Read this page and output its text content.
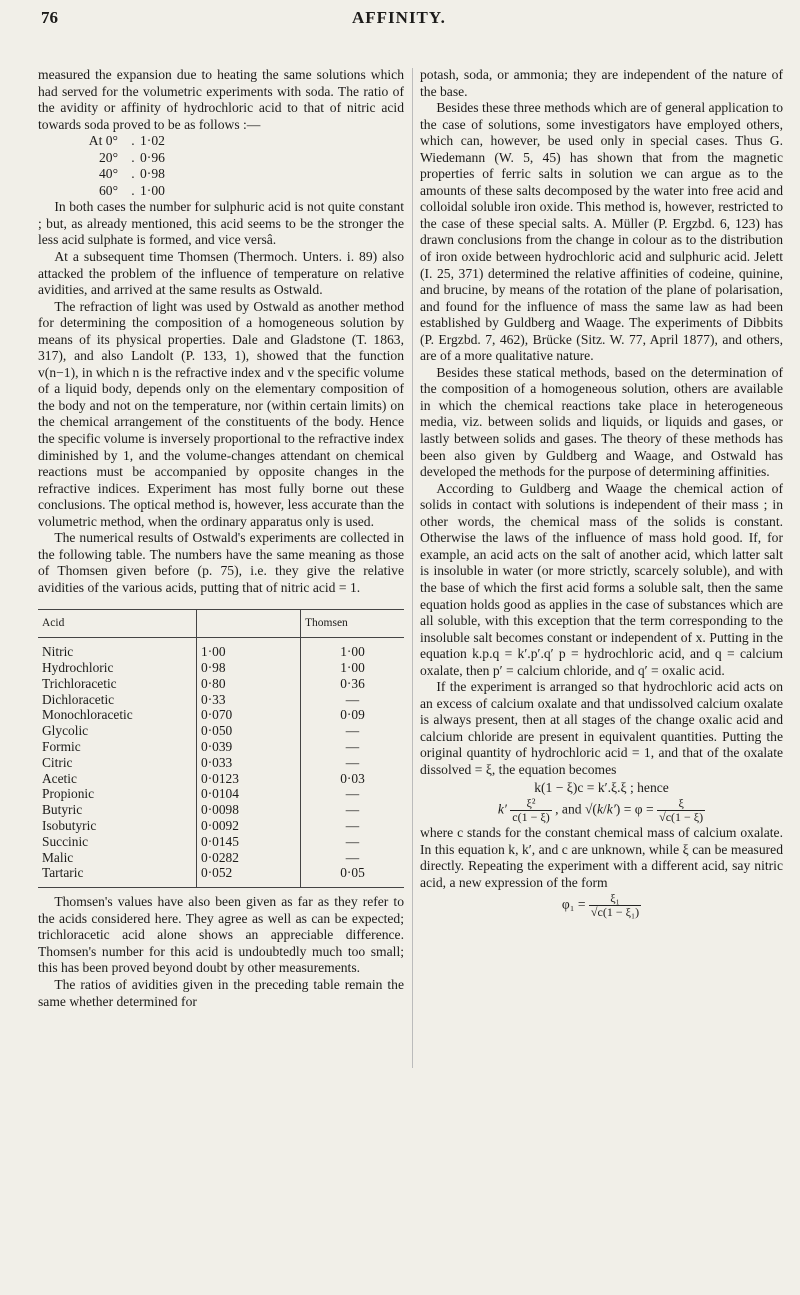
76	AFFINITY.

measured the expansion due to heating the same solutions which had served for the volumetric experiments with soda. The ratio of the avidity or affinity of hydrochloric acid to that of nitric acid towards soda proved to be as follows :—

At 0° . 1·02
20° . 0·96
40° . 0·98
60° . 1·00

In both cases the number for sulphuric acid is not quite constant ; but, as already mentioned, this acid seems to be the stronger the less acid sulphate is formed, and vice versâ.

At a subsequent time Thomsen (Thermoch. Unters. i. 89) also attacked the problem of the influence of temperature on relative avidities, and arrived at the same results as Ostwald.

The refraction of light was used by Ostwald as another method for determining the composition of a homogeneous solution by means of its physical properties. Dale and Gladstone (T. 1863, 317), and also Landolt (P. 133, 1), showed that the function v(n−1), in which n is the refractive index and v the specific volume of a liquid body, depends only on the elementary composition of the body and not on the temperature, nor (within certain limits) on the chemical arrangement of the constituents of the body. Hence the specific volume is inversely proportional to the refractive index diminished by 1, and the volume-changes attendant on chemical reactions must be accompanied by opposite changes in the refractive indices. Experiment has most fully borne out these conclusions. The optical method is, however, less accurate than the volumetric method, when the ordinary apparatus only is used.

The numerical results of Ostwald's experiments are collected in the following table. The numbers have the same meaning as those of Thomsen given before (p. 75), i.e. they give the relative avidities of the various acids, putting that of nitric acid = 1.

Acid		Thomsen
Nitric	1·00	1·00
Hydrochloric	0·98	1·00
Trichloracetic	0·80	0·36
Dichloracetic	0·33	—
Monochloracetic	0·070	0·09
Glycolic	0·050	—
Formic	0·039	—
Citric	0·033	—
Acetic	0·0123	0·03
Propionic	0·0104	—
Butyric	0·0098	—
Isobutyric	0·0092	—
Succinic	0·0145	—
Malic	0·0282	—
Tartaric	0·052	0·05

Thomsen's values have also been given as far as they refer to the acids considered here. They agree as well as can be expected; trichloracetic acid alone shows an appreciable difference. Thomsen's number for this acid is undoubtedly much too small; this has been proved beyond doubt by other measurements.

The ratios of avidities given in the preceding table remain the same whether determined for

potash, soda, or ammonia; they are independent of the nature of the base.

Besides these three methods which are of general application to the case of solutions, some investigators have employed others, which can, however, be used only in special cases. Thus G. Wiedemann (W. 5, 45) has shown that from the magnetic properties of ferric salts in solution we can argue as to the amounts of these salts decomposed by the water into free acid and colloidal soluble iron oxide. This method is, however, restricted to the case of these special salts. A. Müller (P. Ergzbd. 6, 123) has drawn conclusions from the change in colour as to the distribution of iron oxide between hydrochloric acid and sulphuric acid. Jelett (I. 25, 371) determined the relative affinities of codeine, quinine, and brucine, by means of the rotation of the plane of polarisation, and found for the influence of mass the same law as had been established by Guldberg and Waage. The experiments of Dibbits (P. Ergzbd. 7, 462), Brücke (Sitz. W. 77, April 1877), and others, are of a more qualitative nature.

Besides these statical methods, based on the determination of the composition of a homogeneous solution, others are available in which the chemical reactions take place in heterogeneous media, viz. between solids and liquids, or liquids and gases, or lastly between solids and gases. The theory of these methods has been also given by Guldberg and Waage, and Ostwald has developed the methods for the purpose of determining affinities.

According to Guldberg and Waage the chemical action of solids in contact with solutions is independent of their mass ; in other words, the chemical mass of the solids is constant. Otherwise the laws of the influence of mass hold good. If, for example, an acid acts on the salt of another acid, which latter salt is insoluble in water (or more strictly, scarcely soluble), and with the base of which the first acid forms a soluble salt, then the same equation holds good as applies in the case of substances which are all soluble, with this exception that the term corresponding to the insoluble salt becomes constant or independent of x. Putting in the equation k.p.q = k′.p′.q′ p = hydrochloric acid, and q = calcium oxalate, then p′ = calcium chloride, and q′ = oxalic acid.

If the experiment is arranged so that hydrochloric acid acts on an excess of calcium oxalate and that undissolved calcium oxalate is always present, then at all stages of the change oxalic acid and calcium chloride are present in equivalent quantities. Putting the original quantity of hydrochloric acid = 1, and that of the oxalate dissolved = ξ, the equation becomes

k(1 − ξ)c = k′.ξ.ξ ; hence
$k' \frac{\text{ξ²}}{c(1 - \xi)}$ , and $√(k/k') = \varphi = \frac{\xi}{√c(1 - \xi)}$

where c stands for the constant chemical mass of calcium oxalate. In this equation k, k′, and c are unknown, while ξ can be measured directly. Repeating the experiment with a different acid, say nitric acid, a new expression of the form

$\varphi_1 = \frac{\text{ξ₁}}{\text{√c(1 − ξ₁)}}$
